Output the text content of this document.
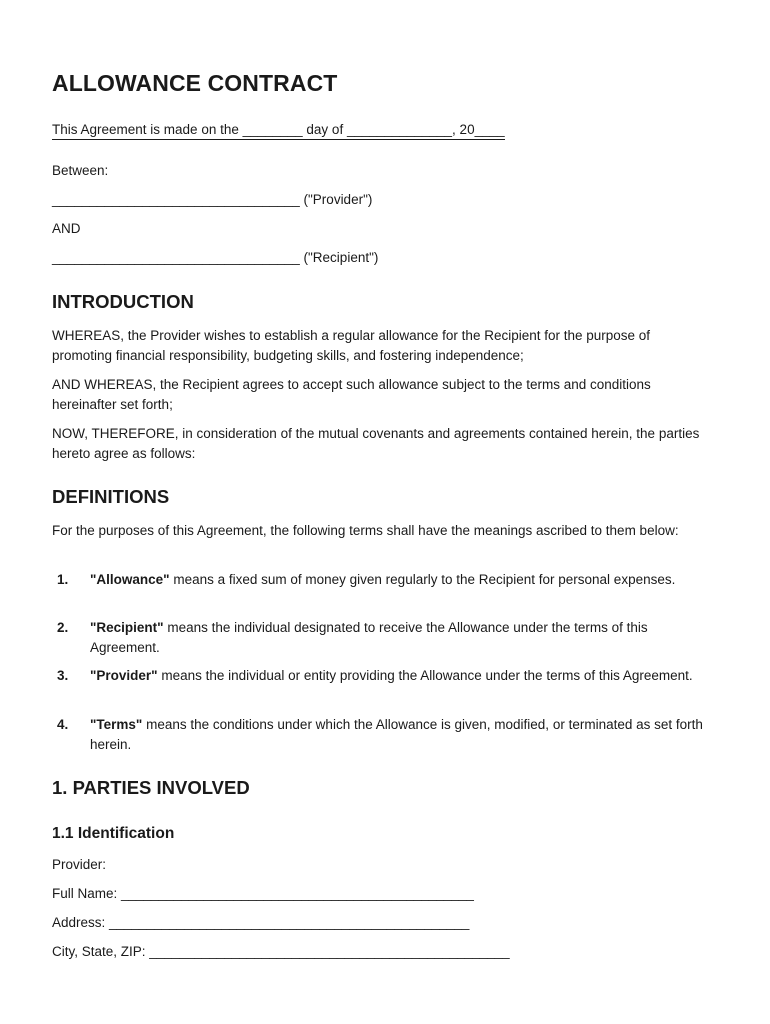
ALLOWANCE CONTRACT
This Agreement is made on the ________ day of ______________, 20____
Between:
_________________________________ ("Provider")
AND
_________________________________ ("Recipient")
INTRODUCTION

WHEREAS, the Provider wishes to establish a regular allowance for the Recipient for the purpose of promoting financial responsibility, budgeting skills, and fostering independence;

AND WHEREAS, the Recipient agrees to accept such allowance subject to the terms and conditions hereinafter set forth;

NOW, THEREFORE, in consideration of the mutual covenants and agreements contained herein, the parties hereto agree as follows:

DEFINITIONS

For the purposes of this Agreement, the following terms shall have the meanings ascribed to them below:

1. "Allowance" means a fixed sum of money given regularly to the Recipient for personal expenses.
2. "Recipient" means the individual designated to receive the Allowance under the terms of this Agreement.
3. "Provider" means the individual or entity providing the Allowance under the terms of this Agreement.
4. "Terms" means the conditions under which the Allowance is given, modified, or terminated as set forth herein.
1. PARTIES INVOLVED
1.1 Identification
Provider:
Full Name: _______________________________________________
Address: ________________________________________________
City, State, ZIP: ________________________________________________
